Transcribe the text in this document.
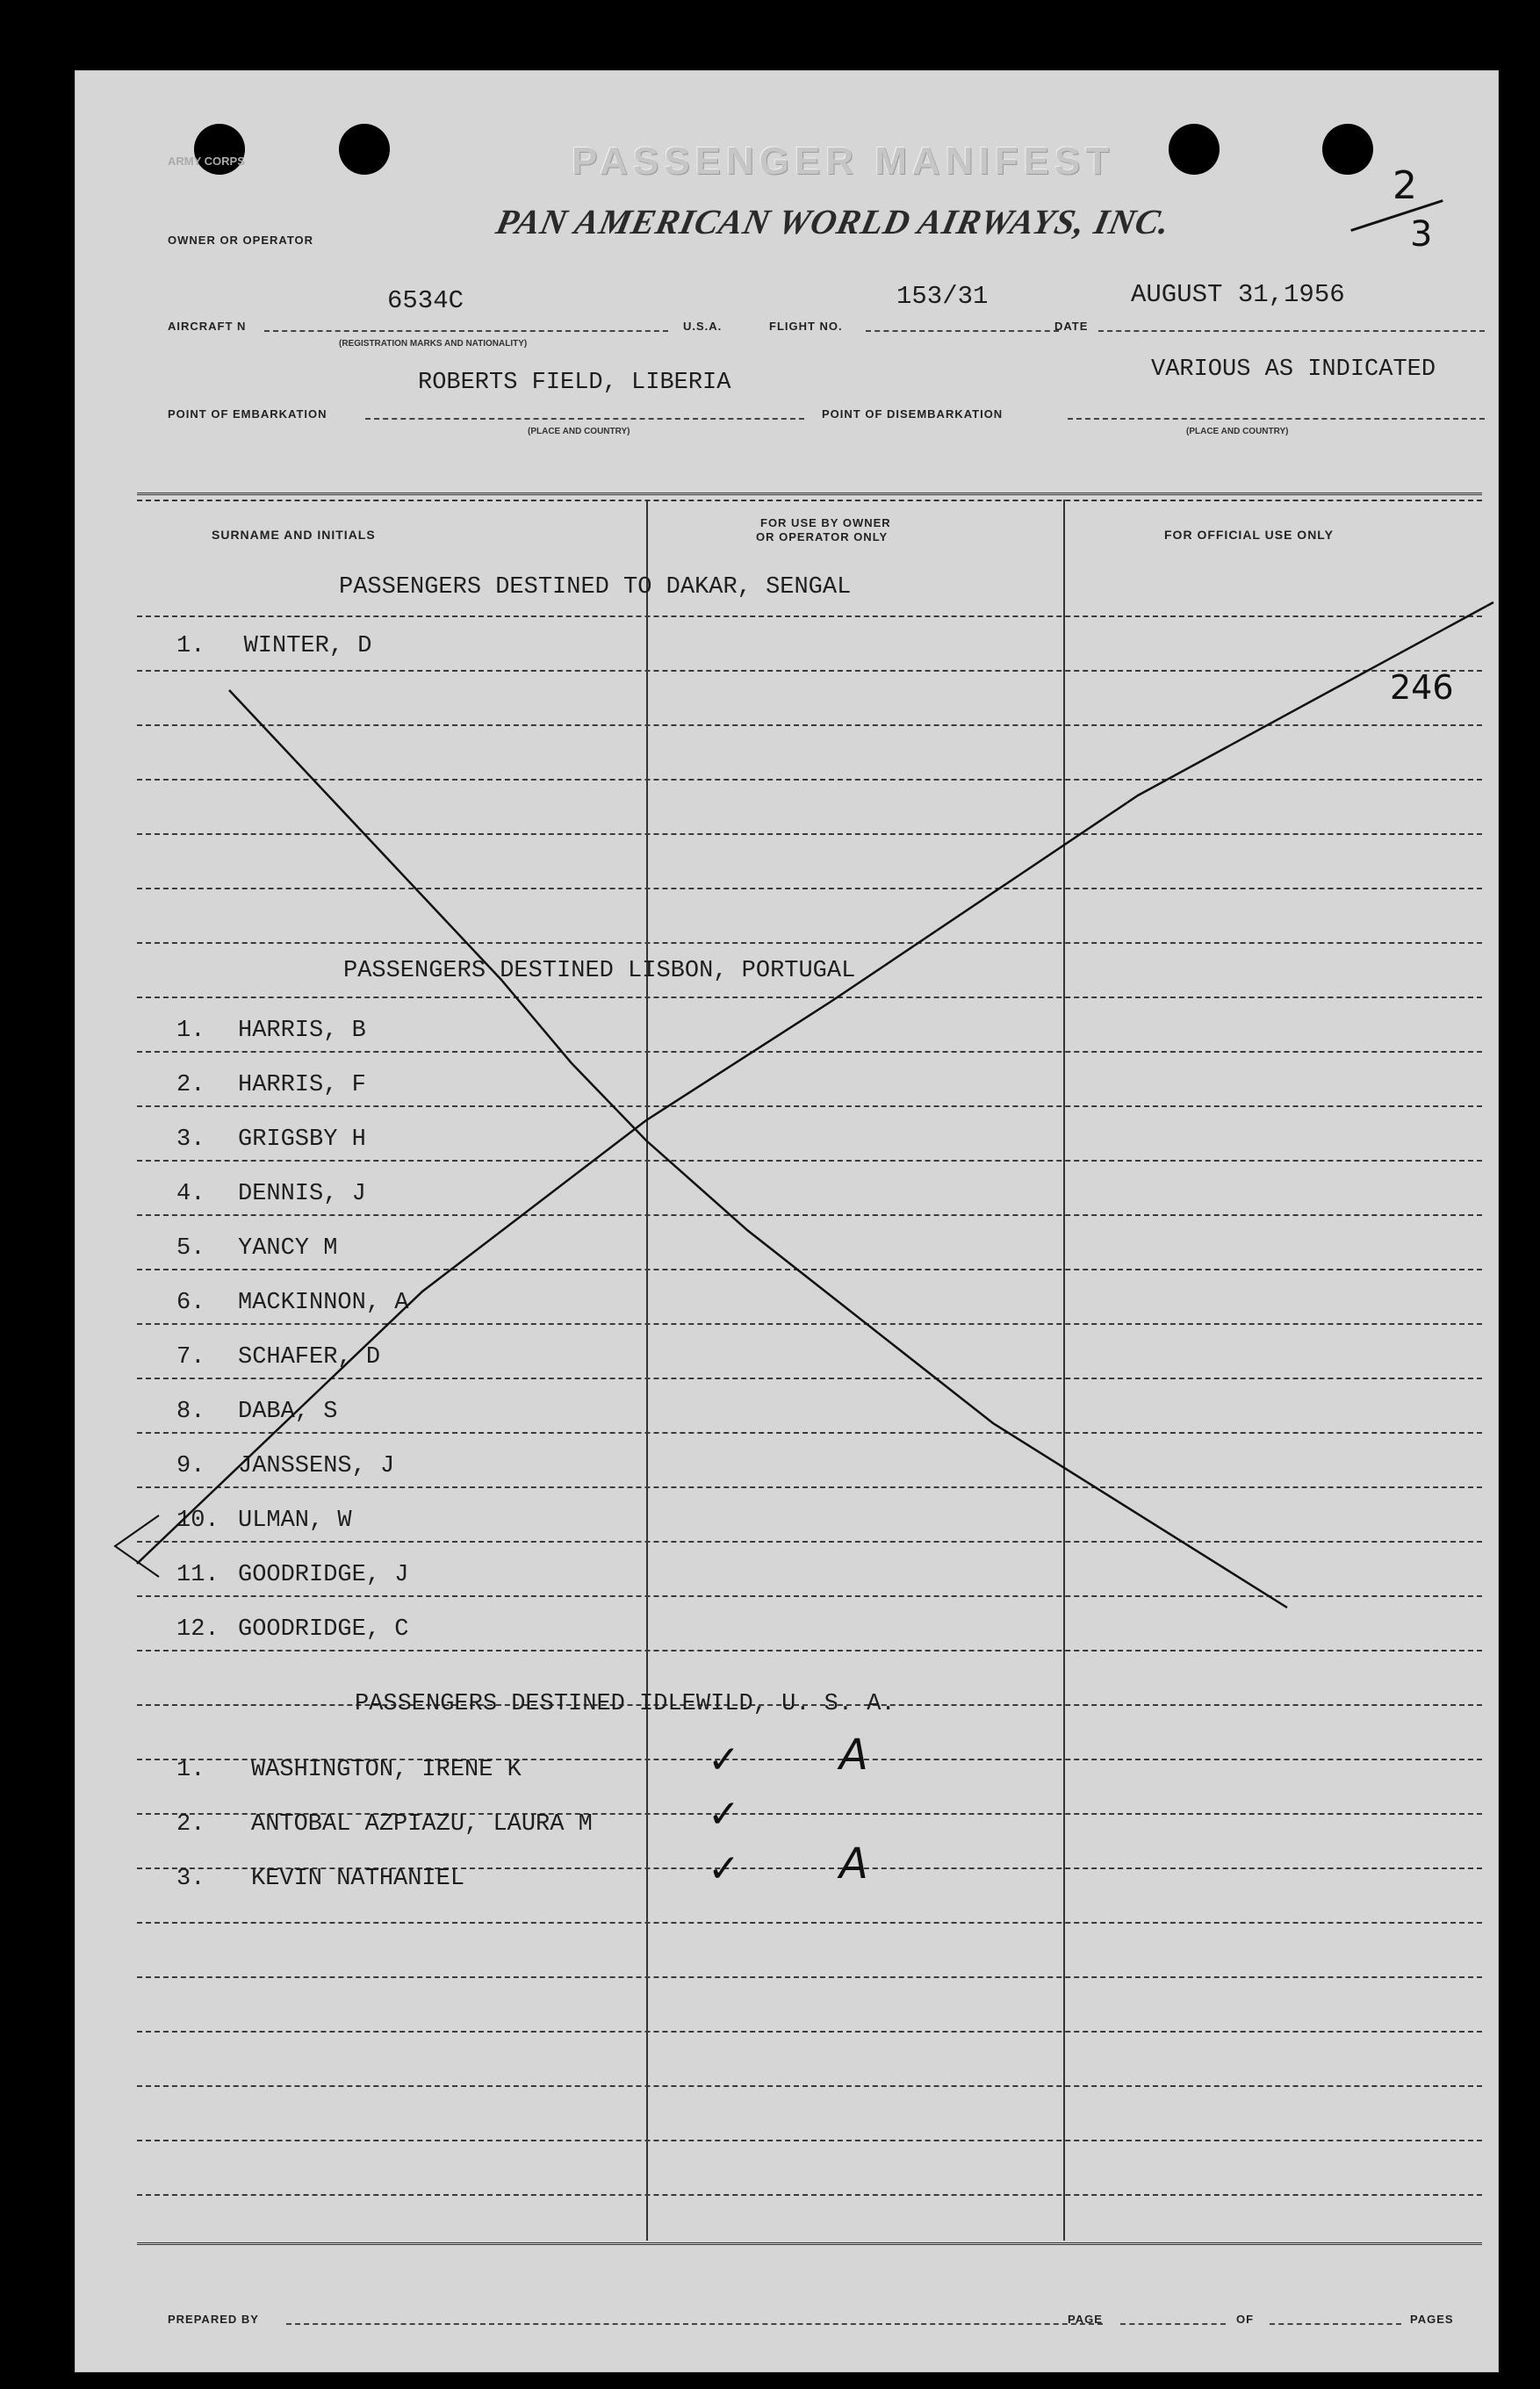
ARMY CORPS	PASSENGER MANIFEST
OWNER OR OPERATOR	PAN AMERICAN WORLD AIRWAYS, INC.
2
3
AIRCRAFT N
6534C
(REGISTRATION MARKS AND NATIONALITY)
U.S.A.	FLIGHT NO.
153/31
DATE
AUGUST 31,1956
POINT OF EMBARKATION
ROBERTS FIELD, LIBERIA
(PLACE AND COUNTRY)
POINT OF DISEMBARKATION
VARIOUS AS INDICATED
(PLACE AND COUNTRY)
SURNAME AND INITIALS
FOR USE BY OWNER
OR OPERATOR ONLY	FOR OFFICIAL USE ONLY
PASSENGERS DESTINED TO DAKAR, SENGAL
1. WINTER, D
PASSENGERS DESTINED LISBON, PORTUGAL
1. HARRIS, B
2. HARRIS, F
3. GRIGSBY H
4. DENNIS, J
5. YANCY M
6. MACKINNON, A
7. SCHAFER, D
8. DABA, S
9. JANSSENS, J
10. ULMAN, W
11. GOODRIDGE, J
12. GOODRIDGE, C
PASSENGERS DESTINED IDLEWILD, U. S. A.
1. WASHINGTON, IRENE K	✓ A
2. ANTOBAL AZPIAZU, LAURA M	✓
3. KEVIN NATHANIEL	✓ A
246
PREPARED BY	PAGE	OF	PAGES
